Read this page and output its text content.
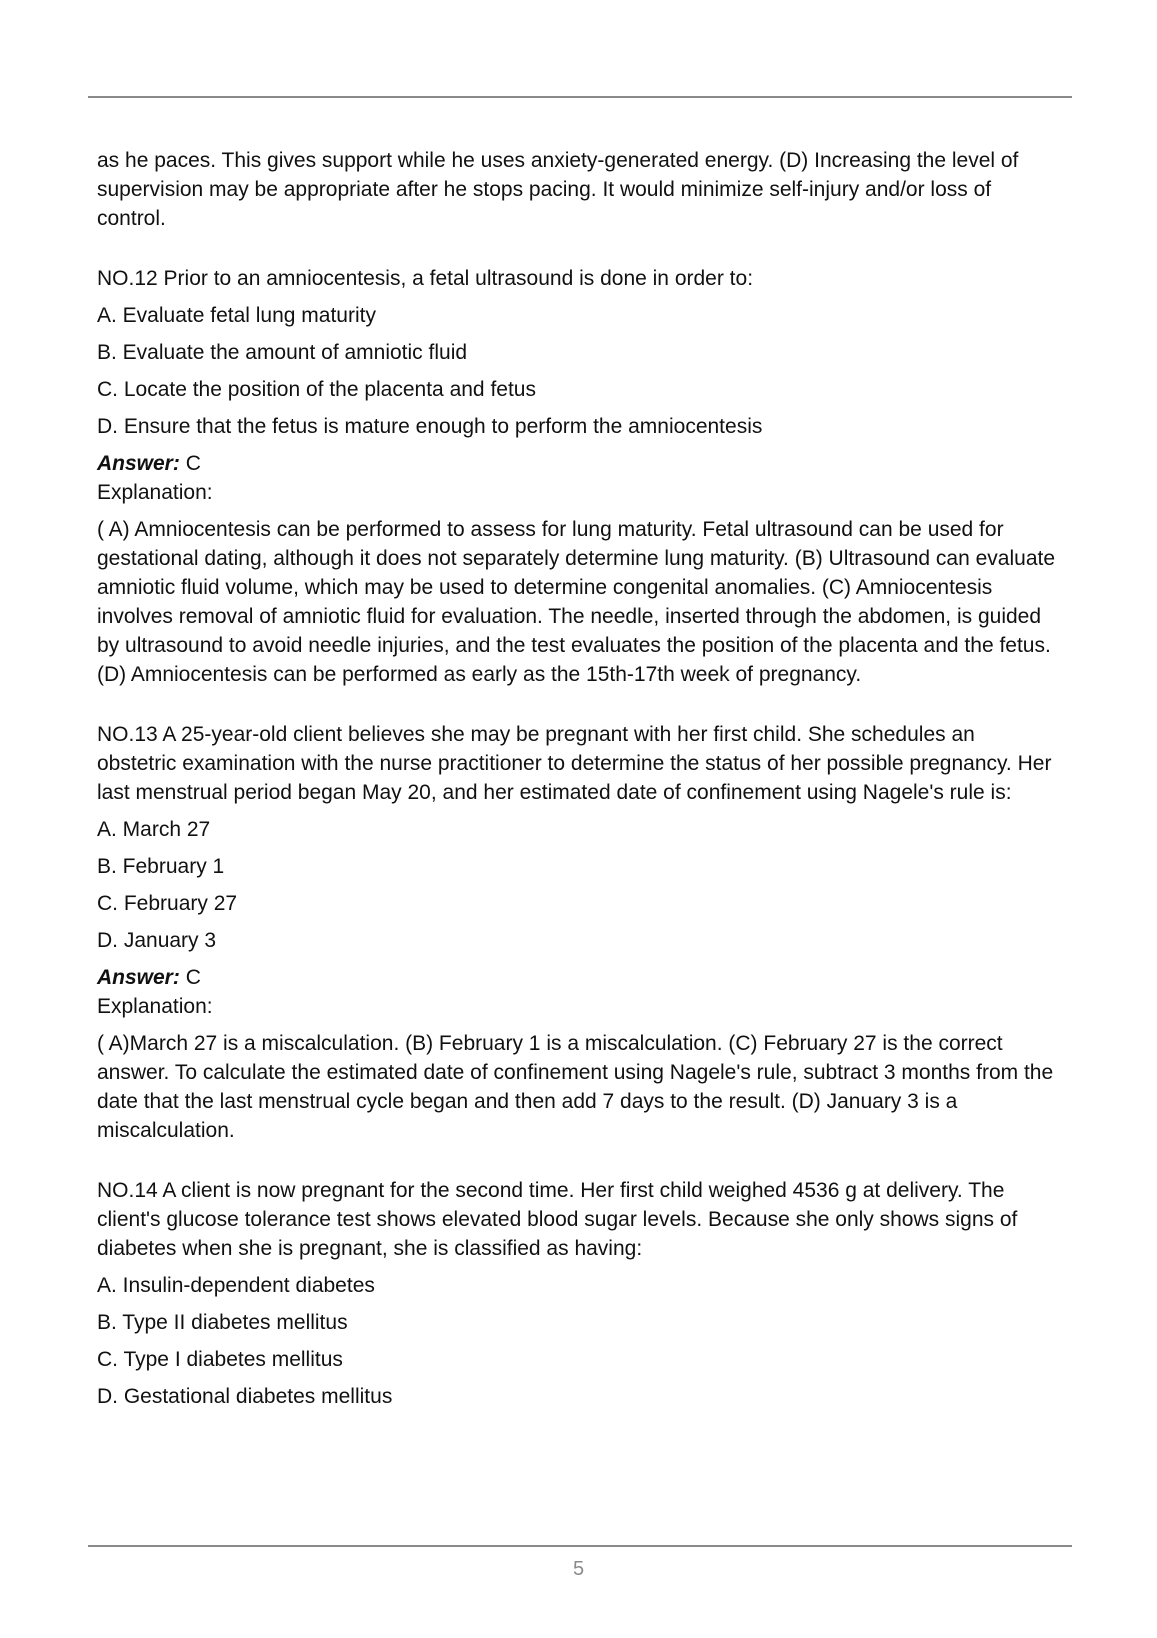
as he paces. This gives support while he uses anxiety-generated energy. (D) Increasing the level of supervision may be appropriate after he stops pacing. It would minimize self-injury and/or loss of control.

NO.12 Prior to an amniocentesis, a fetal ultrasound is done in order to:

A. Evaluate fetal lung maturity

B. Evaluate the amount of amniotic fluid

C. Locate the position of the placenta and fetus

D. Ensure that the fetus is mature enough to perform the amniocentesis

Answer: C

Explanation:

( A) Amniocentesis can be performed to assess for lung maturity. Fetal ultrasound can be used for gestational dating, although it does not separately determine lung maturity. (B) Ultrasound can evaluate amniotic fluid volume, which may be used to determine congenital anomalies. (C) Amniocentesis involves removal of amniotic fluid for evaluation. The needle, inserted through the abdomen, is guided by ultrasound to avoid needle injuries, and the test evaluates the position of the placenta and the fetus. (D) Amniocentesis can be performed as early as the 15th-17th week of pregnancy.

NO.13 A 25-year-old client believes she may be pregnant with her first child. She schedules an obstetric examination with the nurse practitioner to determine the status of her possible pregnancy. Her last menstrual period began May 20, and her estimated date of confinement using Nagele's rule is:

A. March 27

B. February 1

C. February 27

D. January 3

Answer: C

Explanation:

( A)March 27 is a miscalculation. (B) February 1 is a miscalculation. (C) February 27 is the correct answer. To calculate the estimated date of confinement using Nagele's rule, subtract 3 months from the date that the last menstrual cycle began and then add 7 days to the result. (D) January 3 is a miscalculation.

NO.14 A client is now pregnant for the second time. Her first child weighed 4536 g at delivery. The client's glucose tolerance test shows elevated blood sugar levels. Because she only shows signs of diabetes when she is pregnant, she is classified as having:

A. Insulin-dependent diabetes

B. Type II diabetes mellitus

C. Type I diabetes mellitus

D. Gestational diabetes mellitus

5
